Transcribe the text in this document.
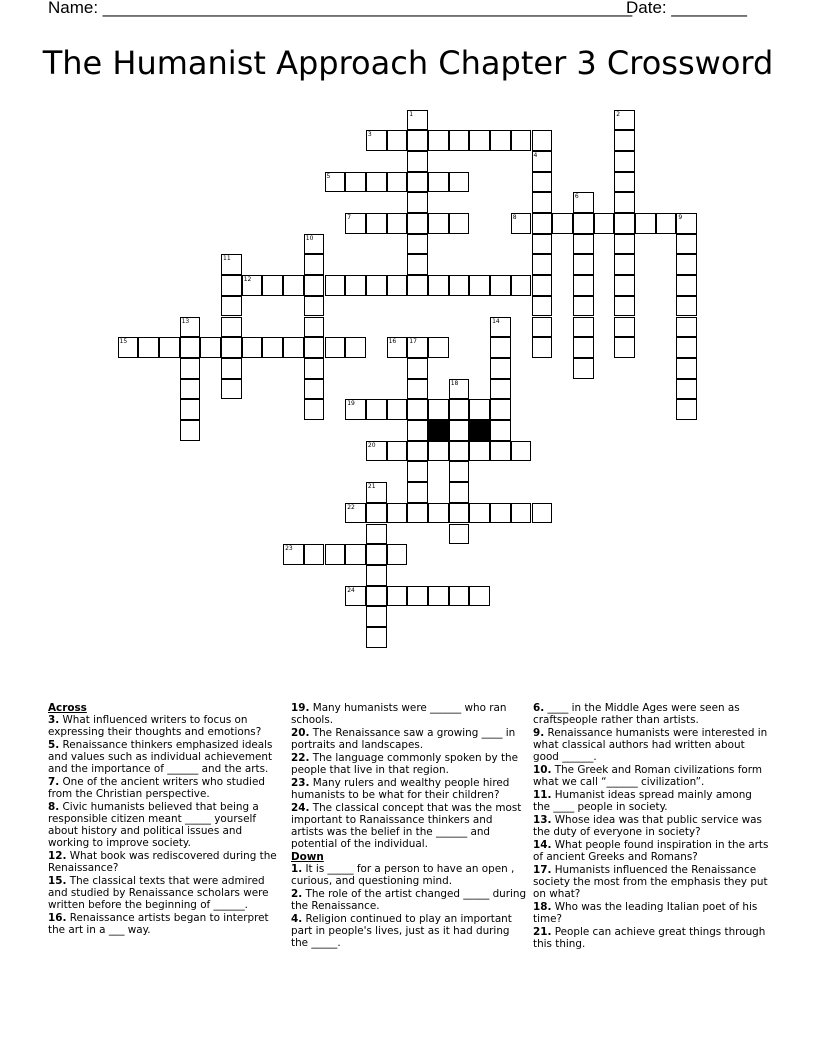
Name: ________________________________________________________
Date: ________
The Humanist Approach Chapter 3 Crossword
1	2
3
4
5
6
7	8	9
10
11
12
13	14
15	16 17
18
19
20
21
22
23
24
Across
3. What influenced writers to focus on expressing their thoughts and emotions?
5. Renaissance thinkers emphasized ideals and values such as individual achievement and the importance of ______ and the arts.
7. One of the ancient writers who studied from the Christian perspective.
8. Civic humanists believed that being a responsible citizen meant _____ yourself about history and political issues and working to improve society.
12. What book was rediscovered during the Renaissance?
15. The classical texts that were admired and studied by Renaissance scholars were written before the beginning of ______.
16. Renaissance artists began to interpret the art in a ___ way.
19. Many humanists were ______ who ran schools.
20. The Renaissance saw a growing ____ in portraits and landscapes.
22. The language commonly spoken by the people that live in that region.
23. Many rulers and wealthy people hired humanists to be what for their children?
24. The classical concept that was the most important to Ranaissance thinkers and artists was the belief in the ______ and potential of the individual.
Down
1. It is _____ for a person to have an open , curious, and questioning mind.
2. The role of the artist changed _____ during the Renaissance.
4. Religion continued to play an important part in people's lives, just as it had during the _____.
6. ____ in the Middle Ages were seen as craftspeople rather than artists.
9. Renaissance humanists were interested in what classical authors had written about good ______.
10. The Greek and Roman civilizations form what we call “______ civilization”.
11. Humanist ideas spread mainly among the ____ people in society.
13. Whose idea was that public service was the duty of everyone in society?
14. What people found inspiration in the arts of ancient Greeks and Romans?
17. Humanists influenced the Renaissance society the most from the emphasis they put on what?
18. Who was the leading Italian poet of his time?
21. People can achieve great things through this thing.
